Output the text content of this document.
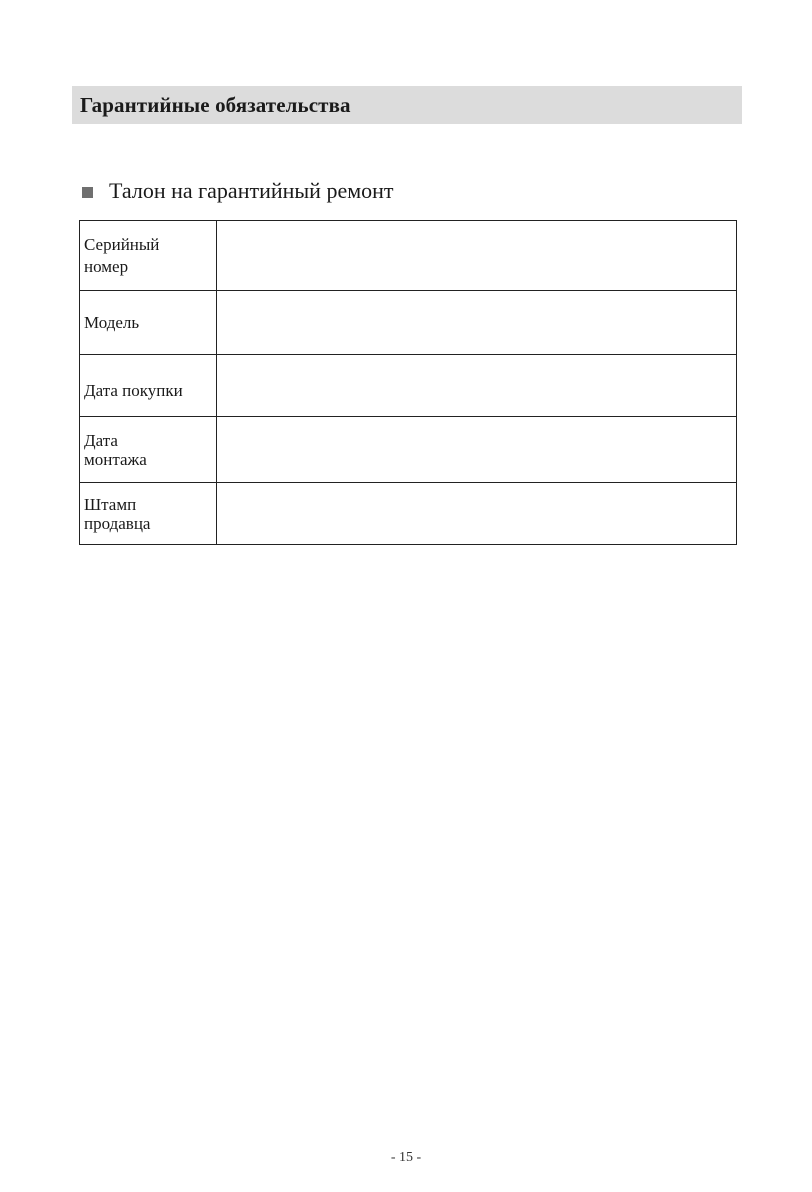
Гарантийные обязательства
Талон на гарантийный ремонт
Серийный
номер	
Модель	
Дата покупки	
Дата
монтажа	
Штамп
продавца	
- 15 -
